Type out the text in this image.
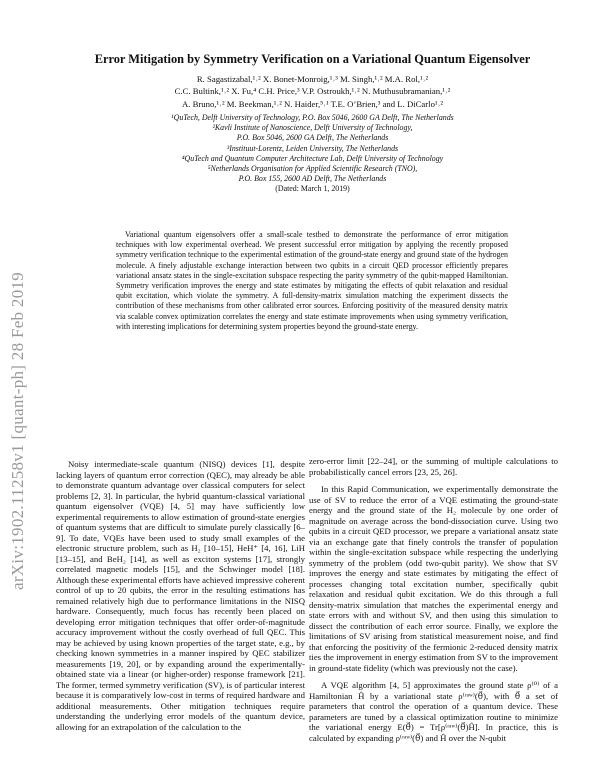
arXiv:1902.11258v1 [quant-ph] 28 Feb 2019
Error Mitigation by Symmetry Verification on a Variational Quantum Eigensolver
R. Sagastizabal,¹˒² X. Bonet-Monroig,¹˒³ M. Singh,¹˒² M.A. Rol,¹˒²
C.C. Bultink,¹˒² X. Fu,⁴ C.H. Price,³ V.P. Ostroukh,¹˒² N. Muthusubramanian,¹˒²
A. Bruno,¹˒² M. Beekman,¹˒² N. Haider,⁵˒¹ T.E. O’Brien,³ and L. DiCarlo¹˒²
¹QuTech, Delft University of Technology, P.O. Box 5046, 2600 GA Delft, The Netherlands
²Kavli Institute of Nanoscience, Delft University of Technology,
P.O. Box 5046, 2600 GA Delft, The Netherlands
³Instituut-Lorentz, Leiden University, The Netherlands
⁴QuTech and Quantum Computer Architecture Lab, Delft University of Technology
⁵Netherlands Organisation for Applied Scientific Research (TNO),
P.O. Box 155, 2600 AD Delft, The Netherlands
(Dated: March 1, 2019)
Variational quantum eigensolvers offer a small-scale testbed to demonstrate the performance of error mitigation techniques with low experimental overhead. We present successful error mitigation by applying the recently proposed symmetry verification technique to the experimental estimation of the ground-state energy and ground state of the hydrogen molecule. A finely adjustable exchange interaction between two qubits in a circuit QED processor efficiently prepares variational ansatz states in the single-excitation subspace respecting the parity symmetry of the qubit-mapped Hamiltonian. Symmetry verification improves the energy and state estimates by mitigating the effects of qubit relaxation and residual qubit excitation, which violate the symmetry. A full-density-matrix simulation matching the experiment dissects the contribution of these mechanisms from other calibrated error sources. Enforcing positivity of the measured density matrix via scalable convex optimization correlates the energy and state estimate improvements when using symmetry verification, with interesting implications for determining system properties beyond the ground-state energy.

Noisy intermediate-scale quantum (NISQ) devices [1], despite lacking layers of quantum error correction (QEC), may already be able to demonstrate quantum advantage over classical computers for select problems [2, 3]. In particular, the hybrid quantum-classical variational quantum eigensolver (VQE) [4, 5] may have sufficiently low experimental requirements to allow estimation of ground-state energies of quantum systems that are difficult to simulate purely classically [6–9]. To date, VQEs have been used to study small examples of the electronic structure problem, such as H₂ [10–15], HeH⁺ [4, 16], LiH [13–15], and BeH₂ [14], as well as exciton systems [17], strongly correlated magnetic models [15], and the Schwinger model [18]. Although these experimental efforts have achieved impressive coherent control of up to 20 qubits, the error in the resulting estimations has remained relatively high due to performance limitations in the NISQ hardware. Consequently, much focus has recently been placed on developing error mitigation techniques that offer order-of-magnitude accuracy improvement without the costly overhead of full QEC. This may be achieved by using known properties of the target state, e.g., by checking known symmetries in a manner inspired by QEC stabilizer measurements [19, 20], or by expanding around the experimentally-obtained state via a linear (or higher-order) response framework [21]. The former, termed symmetry verification (SV), is of particular interest because it is comparatively low-cost in terms of required hardware and additional measurements. Other mitigation techniques require understanding the underlying error models of the quantum device, allowing for an extrapolation of the calculation to the

zero-error limit [22–24], or the summing of multiple calculations to probabilistically cancel errors [23, 25, 26].

In this Rapid Communication, we experimentally demonstrate the use of SV to reduce the error of a VQE estimating the ground-state energy and the ground state of the H₂ molecule by one order of magnitude on average across the bond-dissociation curve. Using two qubits in a circuit QED processor, we prepare a variational ansatz state via an exchange gate that finely controls the transfer of population within the single-excitation subspace while respecting the underlying symmetry of the problem (odd two-qubit parity). We show that SV improves the energy and state estimates by mitigating the effect of processes changing total excitation number, specifically qubit relaxation and residual qubit excitation. We do this through a full density-matrix simulation that matches the experimental energy and state errors with and without SV, and then using this simulation to dissect the contribution of each error source. Finally, we explore the limitations of SV arising from statistical measurement noise, and find that enforcing the positivity of the fermionic 2-reduced density matrix ties the improvement in energy estimation from SV to the improvement in ground-state fidelity (which was previously not the case).

A VQE algorithm [4, 5] approximates the ground state ρ⁽⁰⁾ of a Hamiltonian Ĥ by a variational state ρ⁽ʳᵃʷ⁾(θ⃗), with θ⃗ a set of parameters that control the operation of a quantum device. These parameters are tuned by a classical optimization routine to minimize the variational energy E(θ⃗) = Tr[ρ⁽ʳᵃʷ⁾(θ⃗)Ĥ]. In practice, this is calculated by expanding ρ⁽ʳᵃʷ⁾(θ⃗) and Ĥ over the N-qubit
